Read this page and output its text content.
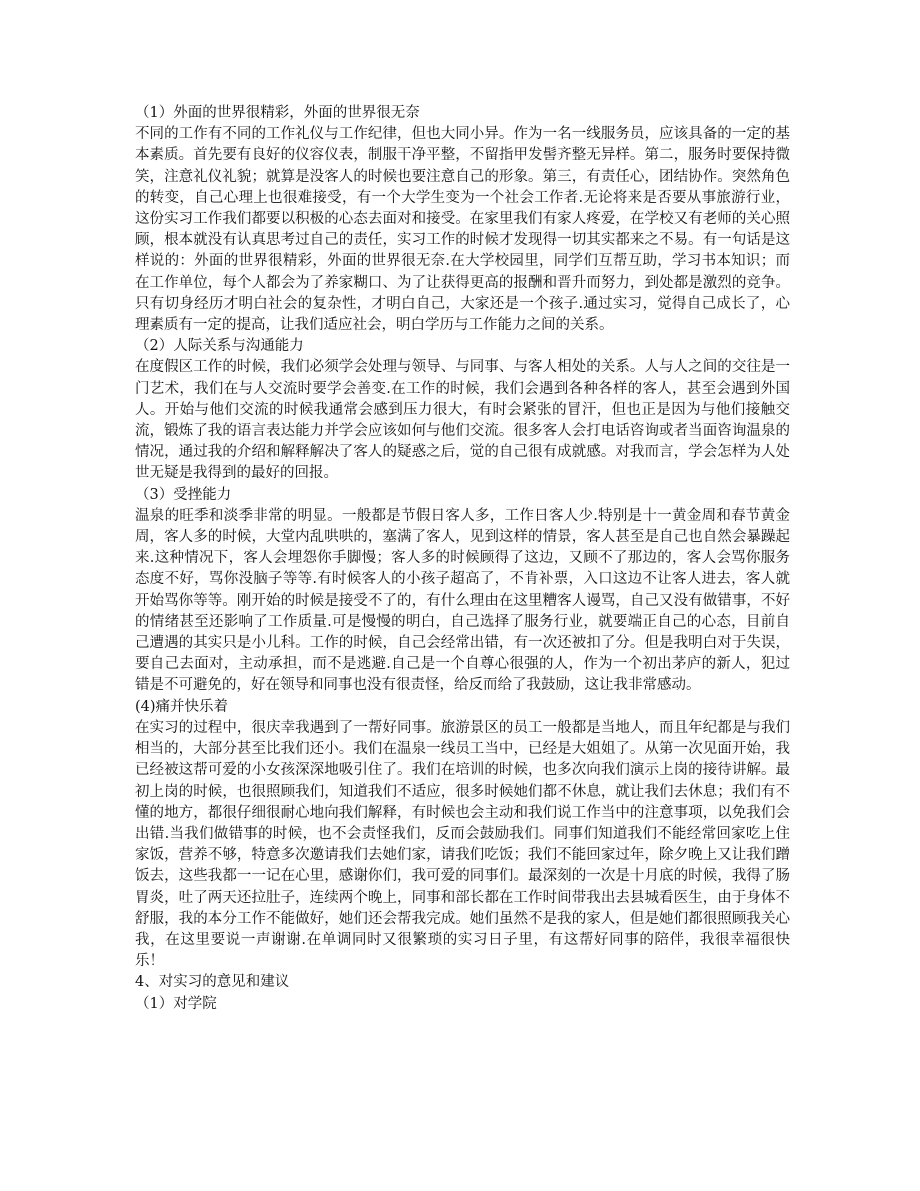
（1）外面的世界很精彩，外面的世界很无奈
不同的工作有不同的工作礼仪与工作纪律，但也大同小异。作为一名一线服务员，应该具备的一定的基本素质。首先要有良好的仪容仪表，制服干净平整，不留指甲发髻齐整无异样。第二，服务时要保持微笑，注意礼仪礼貌；就算是没客人的时候也要注意自己的形象。第三，有责任心，团结协作。突然角色的转变，自己心理上也很难接受，有一个大学生变为一个社会工作者.无论将来是否要从事旅游行业，这份实习工作我们都要以积极的心态去面对和接受。在家里我们有家人疼爱，在学校又有老师的关心照顾，根本就没有认真思考过自己的责任，实习工作的时候才发现得一切其实都来之不易。有一句话是这样说的：外面的世界很精彩，外面的世界很无奈.在大学校园里，同学们互帮互助，学习书本知识；而在工作单位，每个人都会为了养家糊口、为了让获得更高的报酬和晋升而努力，到处都是激烈的竞争。只有切身经历才明白社会的复杂性，才明白自己，大家还是一个孩子.通过实习，觉得自己成长了，心理素质有一定的提高，让我们适应社会，明白学历与工作能力之间的关系。
（2）人际关系与沟通能力
在度假区工作的时候，我们必须学会处理与领导、与同事、与客人相处的关系。人与人之间的交往是一门艺术，我们在与人交流时要学会善变.在工作的时候，我们会遇到各种各样的客人，甚至会遇到外国人。开始与他们交流的时候我通常会感到压力很大，有时会紧张的冒汗，但也正是因为与他们接触交流，锻炼了我的语言表达能力并学会应该如何与他们交流。很多客人会打电话咨询或者当面咨询温泉的情况，通过我的介绍和解释解决了客人的疑惑之后，觉的自己很有成就感。对我而言，学会怎样为人处世无疑是我得到的最好的回报。
（3）受挫能力
温泉的旺季和淡季非常的明显。一般都是节假日客人多，工作日客人少.特别是十一黄金周和春节黄金周，客人多的时候，大堂内乱哄哄的，塞满了客人，见到这样的情景，客人甚至是自己也自然会暴躁起来.这种情况下，客人会埋怨你手脚慢；客人多的时候顾得了这边，又顾不了那边的，客人会骂你服务态度不好，骂你没脑子等等.有时候客人的小孩子超高了，不肯补票，入口这边不让客人进去，客人就开始骂你等等。刚开始的时候是接受不了的，有什么理由在这里糟客人谩骂，自己又没有做错事，不好的情绪甚至还影响了工作质量.可是慢慢的明白，自己选择了服务行业，就要端正自己的心态，目前自己遭遇的其实只是小儿科。工作的时候，自己会经常出错，有一次还被扣了分。但是我明白对于失误，要自己去面对，主动承担，而不是逃避.自己是一个自尊心很强的人，作为一个初出茅庐的新人，犯过错是不可避免的，好在领导和同事也没有很责怪，给反而给了我鼓励，这让我非常感动。
(4)痛并快乐着
在实习的过程中，很庆幸我遇到了一帮好同事。旅游景区的员工一般都是当地人，而且年纪都是与我们相当的，大部分甚至比我们还小。我们在温泉一线员工当中，已经是大姐姐了。从第一次见面开始，我已经被这帮可爱的小女孩深深地吸引住了。我们在培训的时候，也多次向我们演示上岗的接待讲解。最初上岗的时候，也很照顾我们，知道我们不适应，很多时候她们都不休息，就让我们去休息；我们有不懂的地方，都很仔细很耐心地向我们解释，有时候也会主动和我们说工作当中的注意事项，以免我们会出错.当我们做错事的时候，也不会责怪我们，反而会鼓励我们。同事们知道我们不能经常回家吃上住家饭，营养不够，特意多次邀请我们去她们家，请我们吃饭；我们不能回家过年，除夕晚上又让我们蹭饭去，这些我都一一记在心里，感谢你们，我可爱的同事们。最深刻的一次是十月底的时候，我得了肠胃炎，吐了两天还拉肚子，连续两个晚上，同事和部长都在工作时间带我出去县城看医生，由于身体不舒服，我的本分工作不能做好，她们还会帮我完成。她们虽然不是我的家人，但是她们都很照顾我关心我，在这里要说一声谢谢.在单调同时又很繁琐的实习日子里，有这帮好同事的陪伴，我很幸福很快乐！
4、对实习的意见和建议
（1）对学院
